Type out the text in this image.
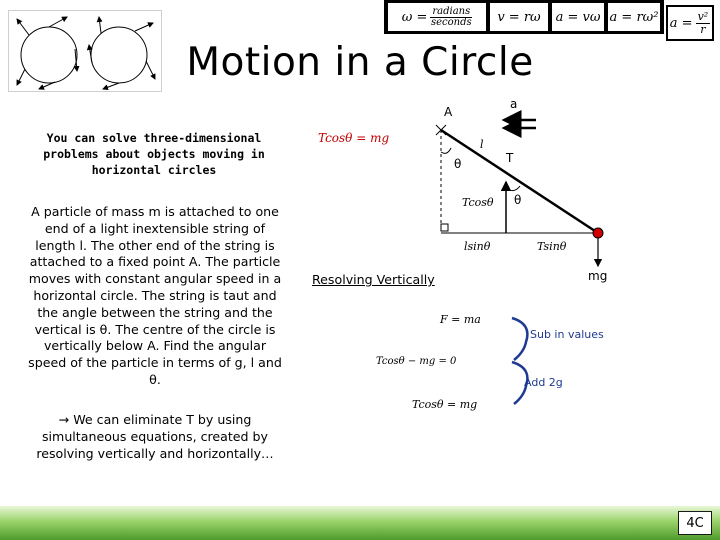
$\omega = \frac{\text{radians}}{\text{seconds}}$	v = rω	a = vω a = rω² $a = \frac{\text{v²}}{r}$
Motion in a Circle
You can solve three-dimensional problems about objects moving in horizontal circles
A particle of mass m is attached to one end of a light inextensible string of length l. The other end of the string is attached to a fixed point A. The particle moves with constant angular speed in a horizontal circle. The string is taut and the angle between the string and the vertical is θ. The centre of the circle is vertically below A. Find the angular speed of the particle in terms of g, l and θ.
→ We can eliminate T by using simultaneous equations, created by resolving vertically and horizontally…
Tcosθ = mg
A
a
l
T
θ
lsinθ
Tcosθ θ
Tsinθ
mg
F = ma
Tcosθ − mg = 0
Tcosθ = mg
Sub in values
Add 2g
Resolving Vertically
4C
